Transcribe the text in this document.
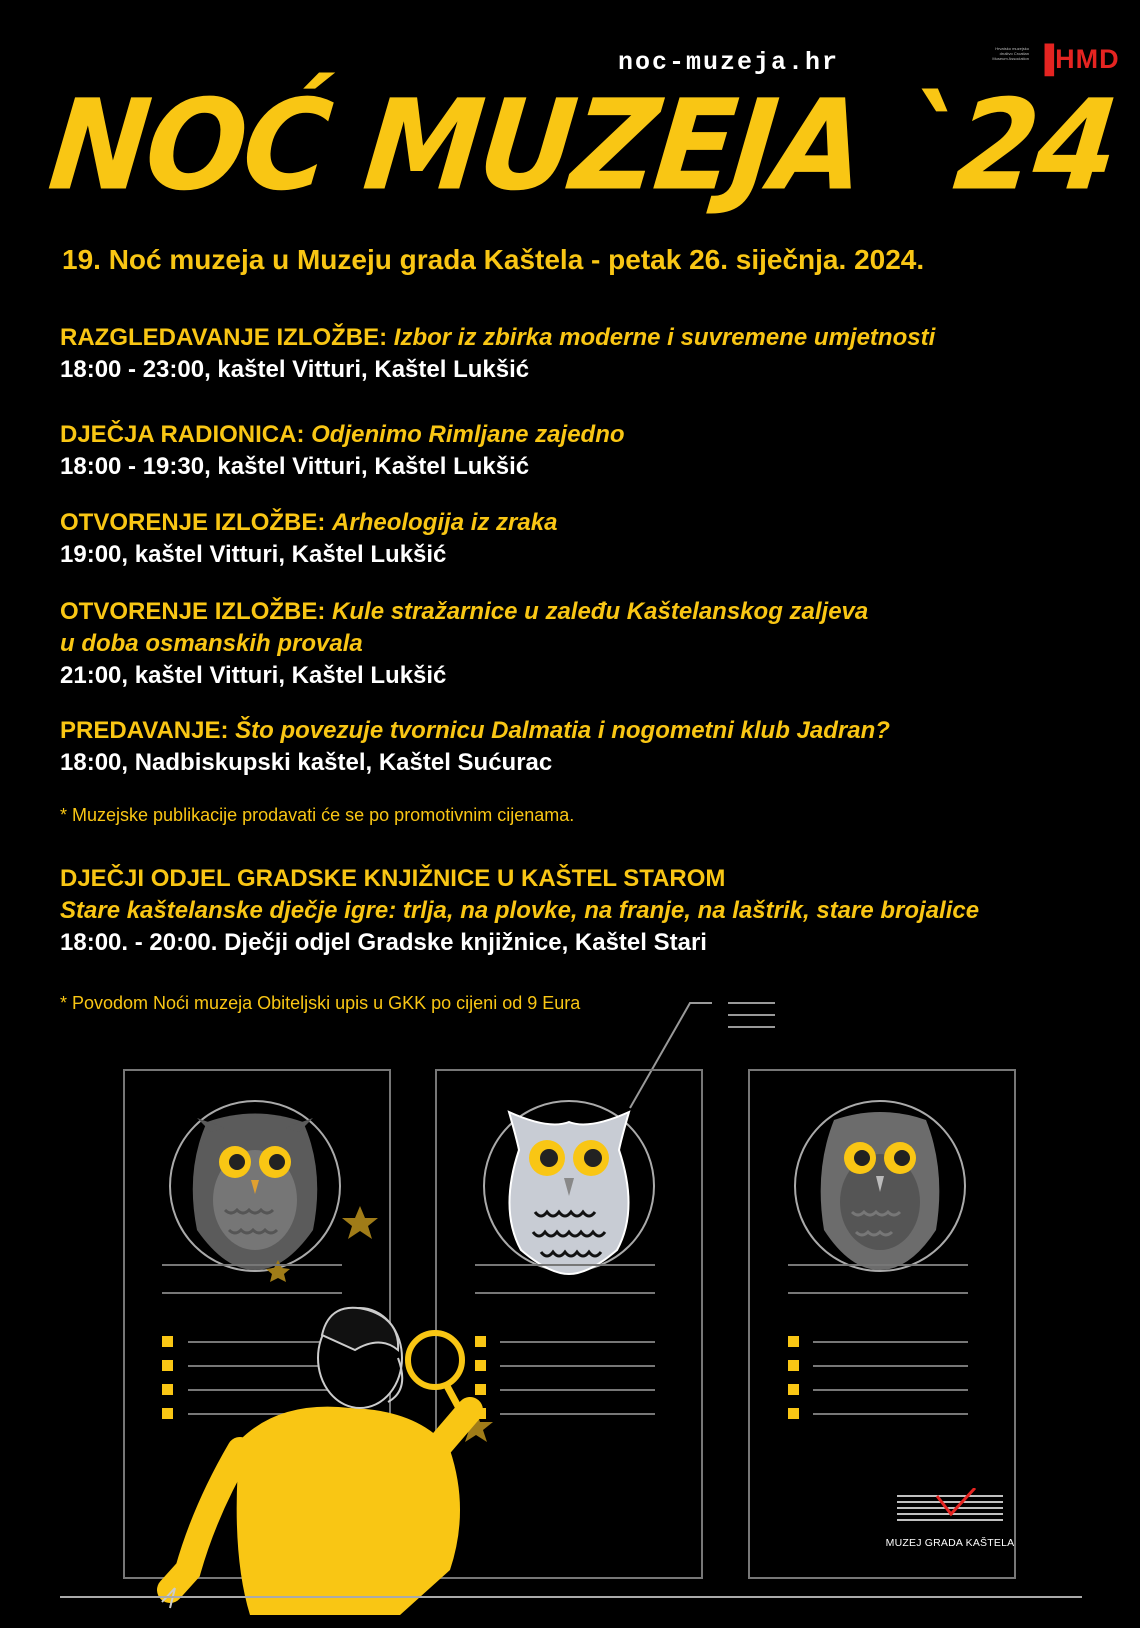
noc-muzeja.hr	Hrvatsko muzejsko društvo Croatian Museum Association ▐HMD
NOĆ MUZEJA `24
19. Noć muzeja u Muzeju grada Kaštela - petak 26. siječnja. 2024.
RAZGLEDAVANJE IZLOŽBE: Izbor iz zbirka moderne i suvremene umjetnosti
18:00 - 23:00, kaštel Vitturi, Kaštel Lukšić
DJEČJA RADIONICA: Odjenimo Rimljane zajedno
18:00 - 19:30, kaštel Vitturi, Kaštel Lukšić
OTVORENJE IZLOŽBE: Arheologija iz zraka
19:00, kaštel Vitturi, Kaštel Lukšić
OTVORENJE IZLOŽBE: Kule stražarnice u zaleđu Kaštelanskog zaljeva
u doba osmanskih provala
21:00, kaštel Vitturi, Kaštel Lukšić
PREDAVANJE: Što povezuje tvornicu Dalmatia i nogometni klub Jadran?
18:00, Nadbiskupski kaštel, Kaštel Sućurac
* Muzejske publikacije prodavati će se po promotivnim cijenama.
DJEČJI ODJEL GRADSKE KNJIŽNICE U KAŠTEL STAROM
Stare kaštelanske dječje igre: trlja, na plovke, na franje, na laštrik, stare brojalice
18:00. - 20:00. Dječji odjel Gradske knjižnice, Kaštel Stari
* Povodom Noći muzeja Obiteljski upis u GKK po cijeni od 9 Eura
MUZEJ GRADA KAŠTELA
